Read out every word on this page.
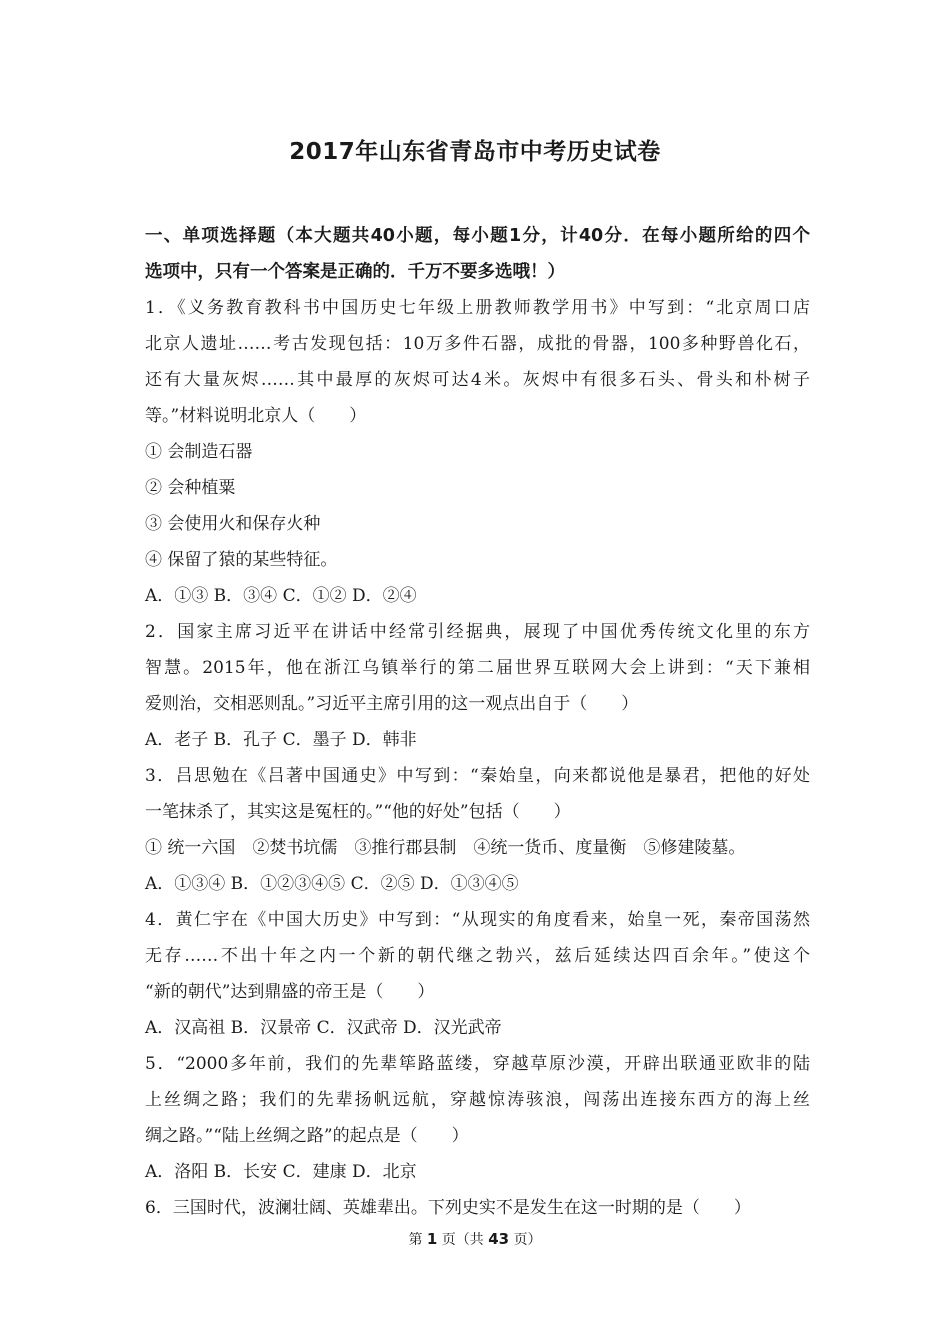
2017年山东省青岛市中考历史试卷

一、单项选择题（本大题共40小题，每小题1分，计40分．在每小题所给的四个

选项中，只有一个答案是正确的．千万不要多选哦！）

1．《义务教育教科书中国历史七年级上册教师教学用书》中写到：“北京周口店

北京人遗址……考古发现包括：10万多件石器，成批的骨器，100多种野兽化石，

还有大量灰烬……其中最厚的灰烬可达4米。灰烬中有很多石头、骨头和朴树子

等。”材料说明北京人（　　）

① 会制造石器

② 会种植粟

③ 会使用火和保存火种

④ 保留了猿的某些特征。

A．①③ B．③④ C．①② D．②④

2．国家主席习近平在讲话中经常引经据典，展现了中国优秀传统文化里的东方

智慧。2015年，他在浙江乌镇举行的第二届世界互联网大会上讲到：“天下兼相

爱则治，交相恶则乱。”习近平主席引用的这一观点出自于（　　）

A．老子 B．孔子 C．墨子 D．韩非

3．吕思勉在《吕著中国通史》中写到：“秦始皇，向来都说他是暴君，把他的好处

一笔抹杀了，其实这是冤枉的。”“他的好处”包括（　　）

① 统一六国　②焚书坑儒　③推行郡县制　④统一货币、度量衡　⑤修建陵墓。

A．①③④ B．①②③④⑤ C．②⑤ D．①③④⑤

4．黄仁宇在《中国大历史》中写到：“从现实的角度看来，始皇一死，秦帝国荡然

无存……不出十年之内一个新的朝代继之勃兴，兹后延续达四百余年。”使这个

“新的朝代”达到鼎盛的帝王是（　　）

A．汉高祖 B．汉景帝 C．汉武帝 D．汉光武帝

5．“2000多年前，我们的先辈筚路蓝缕，穿越草原沙漠，开辟出联通亚欧非的陆

上丝绸之路；我们的先辈扬帆远航，穿越惊涛骇浪，闯荡出连接东西方的海上丝

绸之路。”“陆上丝绸之路”的起点是（　　）

A．洛阳 B．长安 C．建康 D．北京

6．三国时代，波澜壮阔、英雄辈出。下列史实不是发生在这一时期的是（　　）

第 1 页（共 43 页）
